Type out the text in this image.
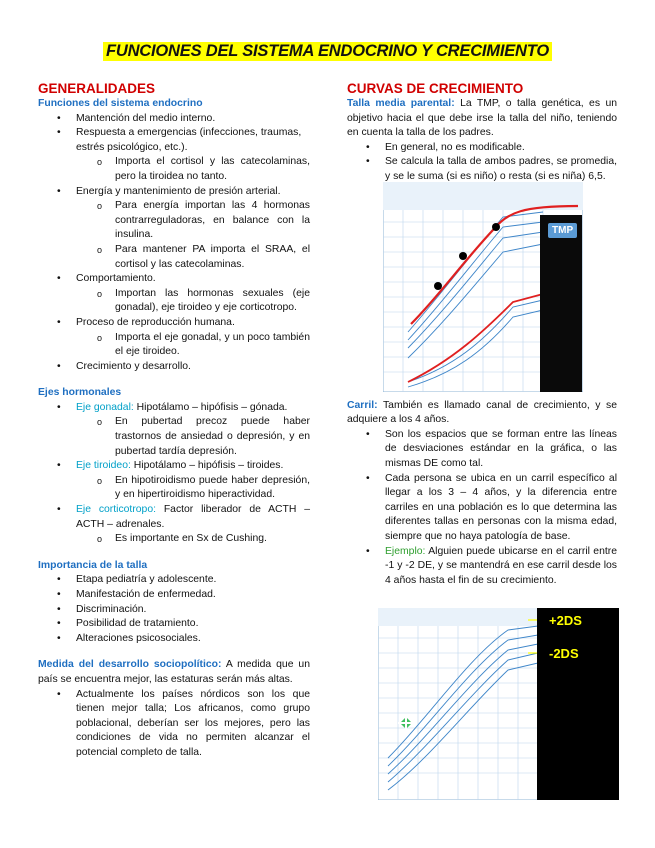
FUNCIONES DEL SISTEMA ENDOCRINO Y CRECIMIENTO
GENERALIDADES
Funciones del sistema endocrino
• Mantención del medio interno.
• Respuesta a emergencias (infecciones, traumas, estrés psicológico, etc.).
o Importa el cortisol y las catecolaminas, pero la tiroidea no tanto.
• Energía y mantenimiento de presión arterial.
o Para energía importan las 4 hormonas contrarreguladoras, en balance con la insulina.
o Para mantener PA importa el SRAA, el cortisol y las catecolaminas.
• Comportamiento.
o Importan las hormonas sexuales (eje gonadal), eje tiroideo y eje corticotropo.
• Proceso de reproducción humana.
o Importa el eje gonadal, y un poco también el eje tiroideo.
• Crecimiento y desarrollo.
Ejes hormonales
• Eje gonadal: Hipotálamo – hipófisis – gónada.
o En pubertad precoz puede haber trastornos de ansiedad o depresión, y en pubertad tardía depresión.
• Eje tiroideo: Hipotálamo – hipófisis – tiroides.
o En hipotiroidismo puede haber depresión, y en hipertiroidismo hiperactividad.
• Eje corticotropo: Factor liberador de ACTH – ACTH – adrenales.
o Es importante en Sx de Cushing.
Importancia de la talla
• Etapa pediatría y adolescente.
• Manifestación de enfermedad.
• Discriminación.
• Posibilidad de tratamiento.
• Alteraciones psicosociales.

Medida del desarrollo sociopolítico: A medida que un país se encuentra mejor, las estaturas serán más altas.

• Actualmente los países nórdicos son los que tienen mejor talla; Los africanos, como grupo poblacional, deberían ser los mejores, pero las condiciones de vida no permiten alcanzar el potencial completo de talla.
CURVAS DE CRECIMIENTO

Talla media parental: La TMP, o talla genética, es un objetivo hacia el que debe irse la talla del niño, teniendo en cuenta la talla de los padres.

• En general, no es modificable.
• Se calcula la talla de ambos padres, se promedia, y se le suma (si es niño) o resta (si es niña) 6,5.

Carril: También es llamado canal de crecimiento, y se adquiere a los 4 años.

• Son los espacios que se forman entre las líneas de desviaciones estándar en la gráfica, o las mismas DE como tal.
• Cada persona se ubica en un carril específico al llegar a los 3 – 4 años, y la diferencia entre carriles en una población es lo que determina las diferentes tallas en personas con la misma edad, siempre que no haya patología de base.
• Ejemplo: Alguien puede ubicarse en el carril entre -1 y -2 DE, y se mantendrá en ese carril desde los 4 años hasta el fin de su crecimiento.
TMP
+2DS
-2DS
